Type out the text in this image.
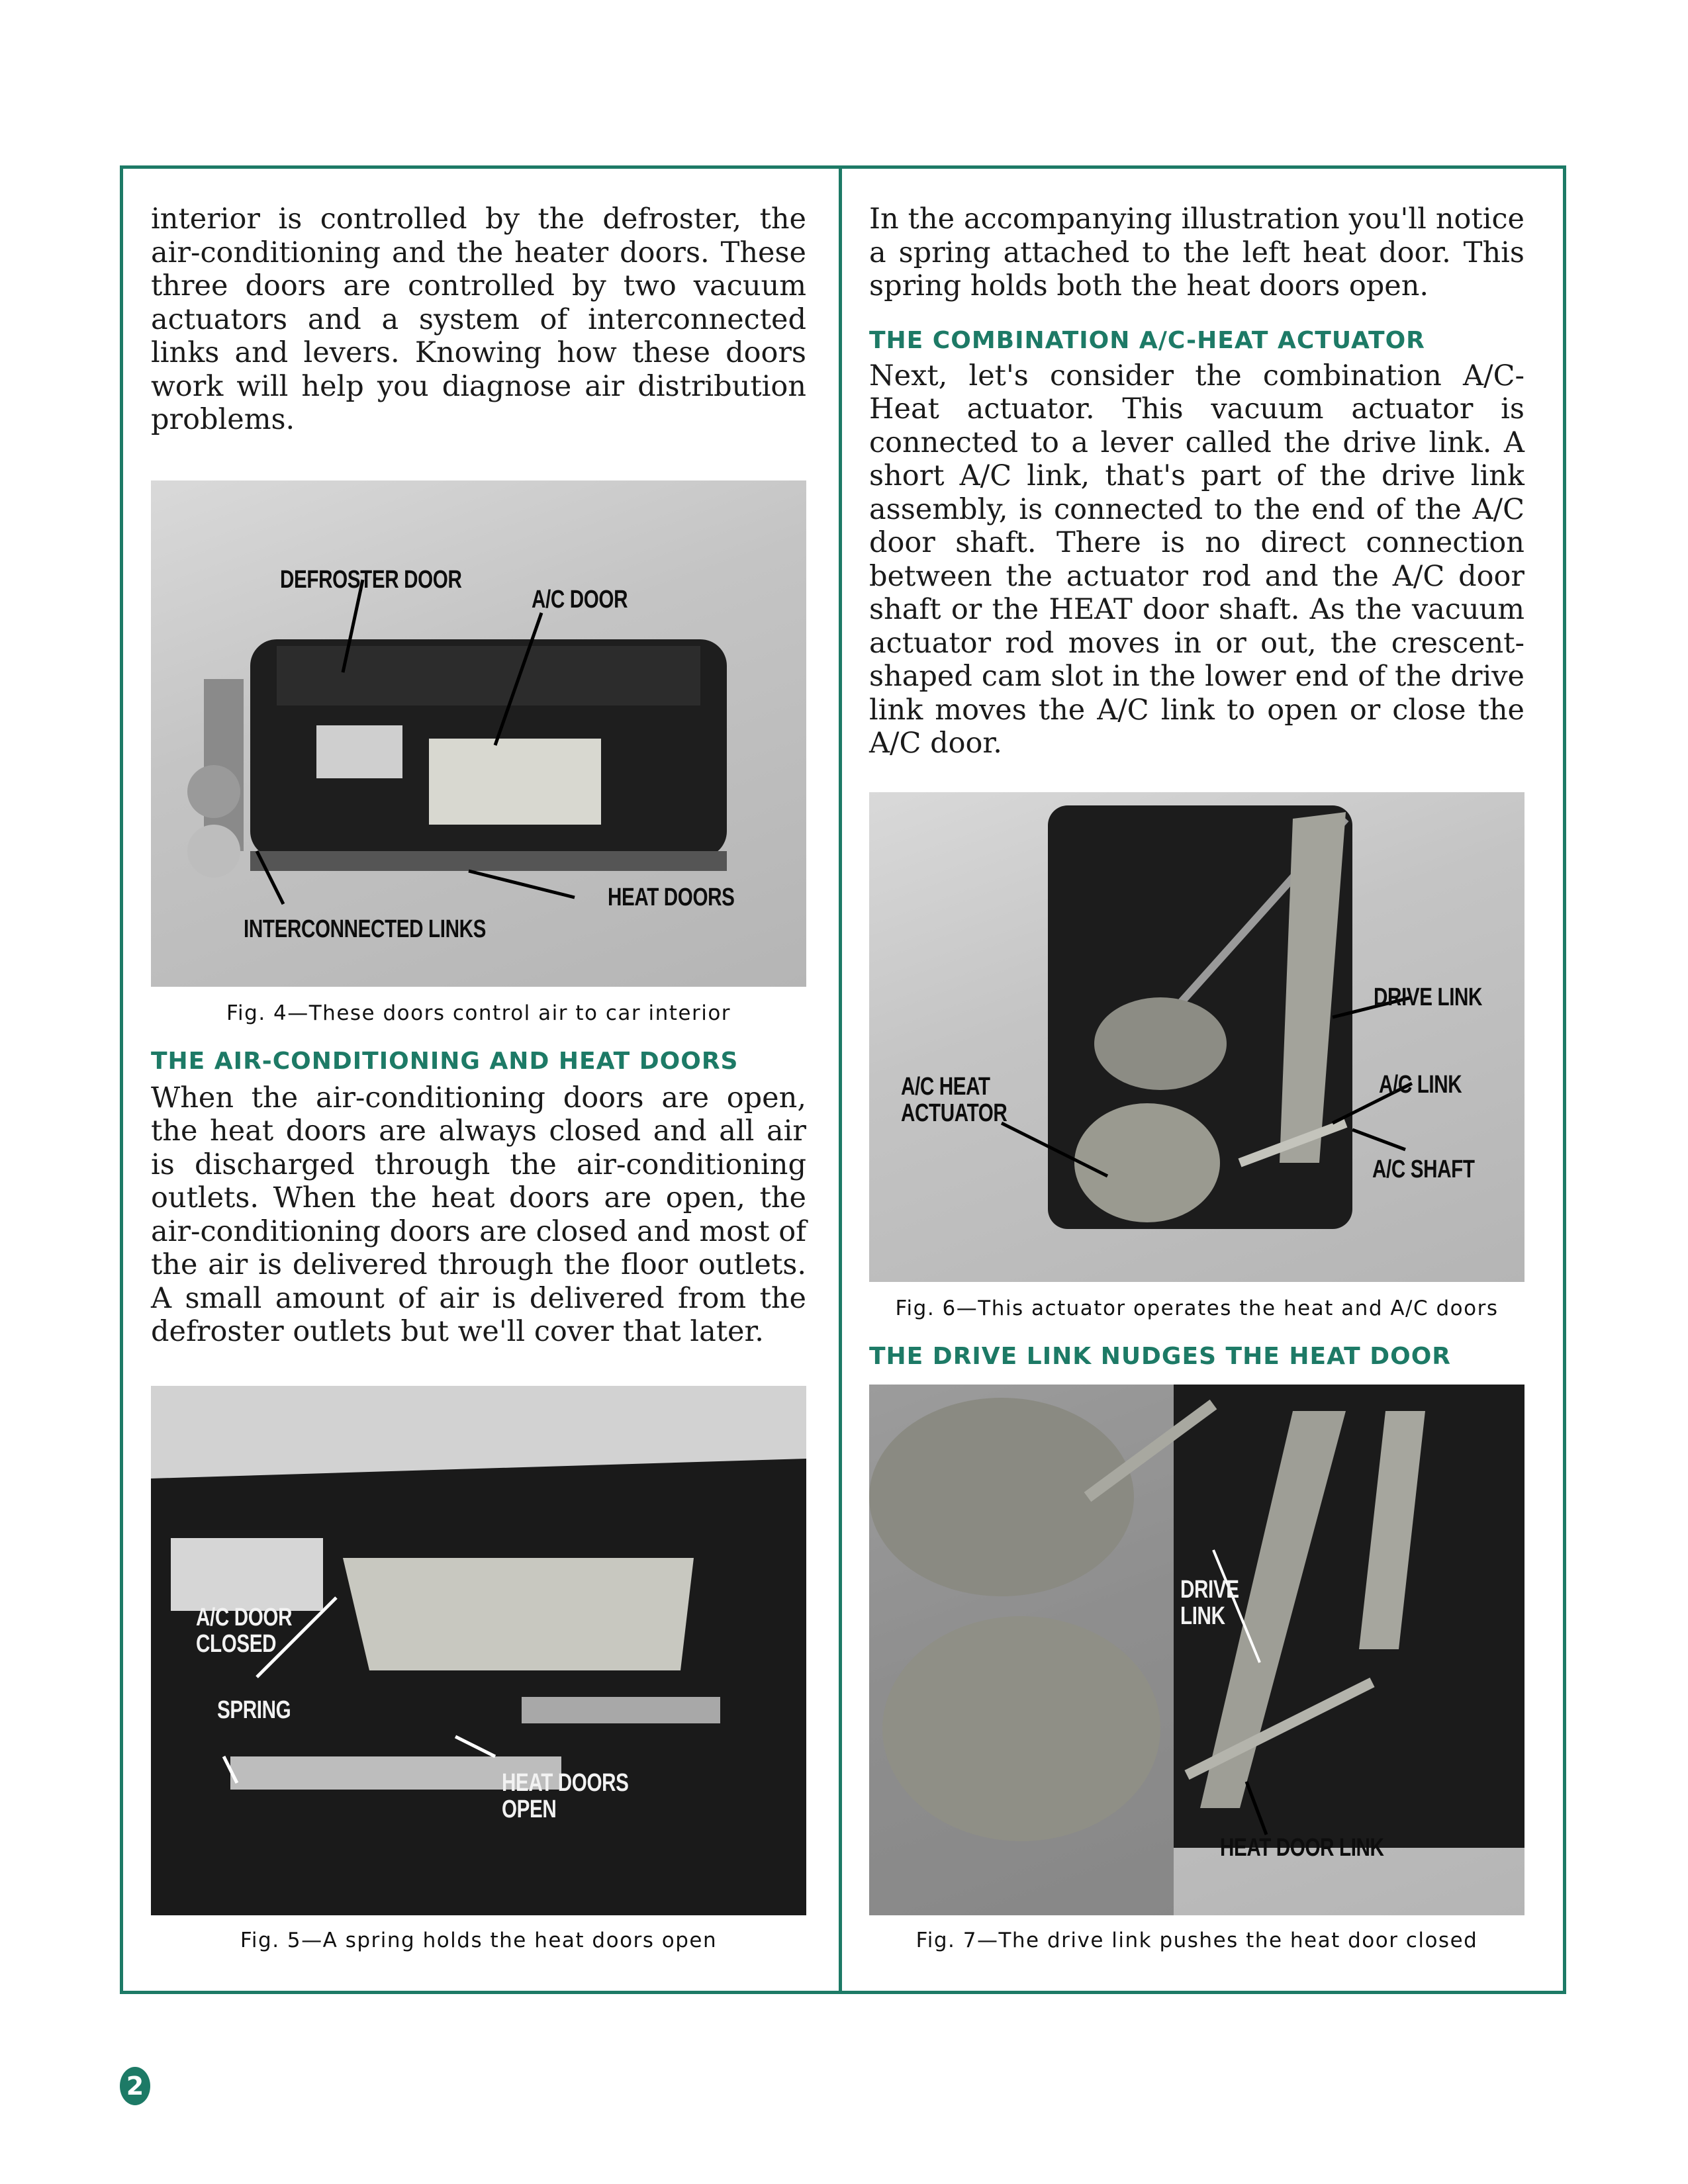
interior is controlled by the defroster, the air-conditioning and the heater doors. These three doors are controlled by two vacuum actuators and a system of interconnected links and levers. Knowing how these doors work will help you diagnose air distribution problems.

DEFROSTER DOOR
A/C DOOR
HEAT DOORS
INTERCONNECTED LINKS
Fig. 4—These doors control air to car interior
THE AIR-CONDITIONING AND HEAT DOORS

When the air-conditioning doors are open, the heat doors are always closed and all air is discharged through the air-conditioning outlets. When the heat doors are open, the air-conditioning doors are closed and most of the air is delivered through the floor outlets. A small amount of air is delivered from the defroster outlets but we'll cover that later.

A/C DOOR
CLOSED
SPRING
HEAT DOORS
OPEN
Fig. 5—A spring holds the heat doors open

In the accompanying illustration you'll notice a spring attached to the left heat door. This spring holds both the heat doors open.

THE COMBINATION A/C-HEAT ACTUATOR

Next, let's consider the combination A/C-Heat actuator. This vacuum actuator is connected to a lever called the drive link. A short A/C link, that's part of the drive link assembly, is connected to the end of the A/C door shaft. There is no direct connection between the actuator rod and the A/C door shaft or the HEAT door shaft. As the vacuum actuator rod moves in or out, the crescent-shaped cam slot in the lower end of the drive link moves the A/C link to open or close the A/C door.

DRIVE LINK
A/C LINK
A/C SHAFT
A/C HEAT
ACTUATOR
Fig. 6—This actuator operates the heat and A/C doors
THE DRIVE LINK NUDGES THE HEAT DOOR
DRIVE
LINK
HEAT DOOR LINK
Fig. 7—The drive link pushes the heat door closed
2
